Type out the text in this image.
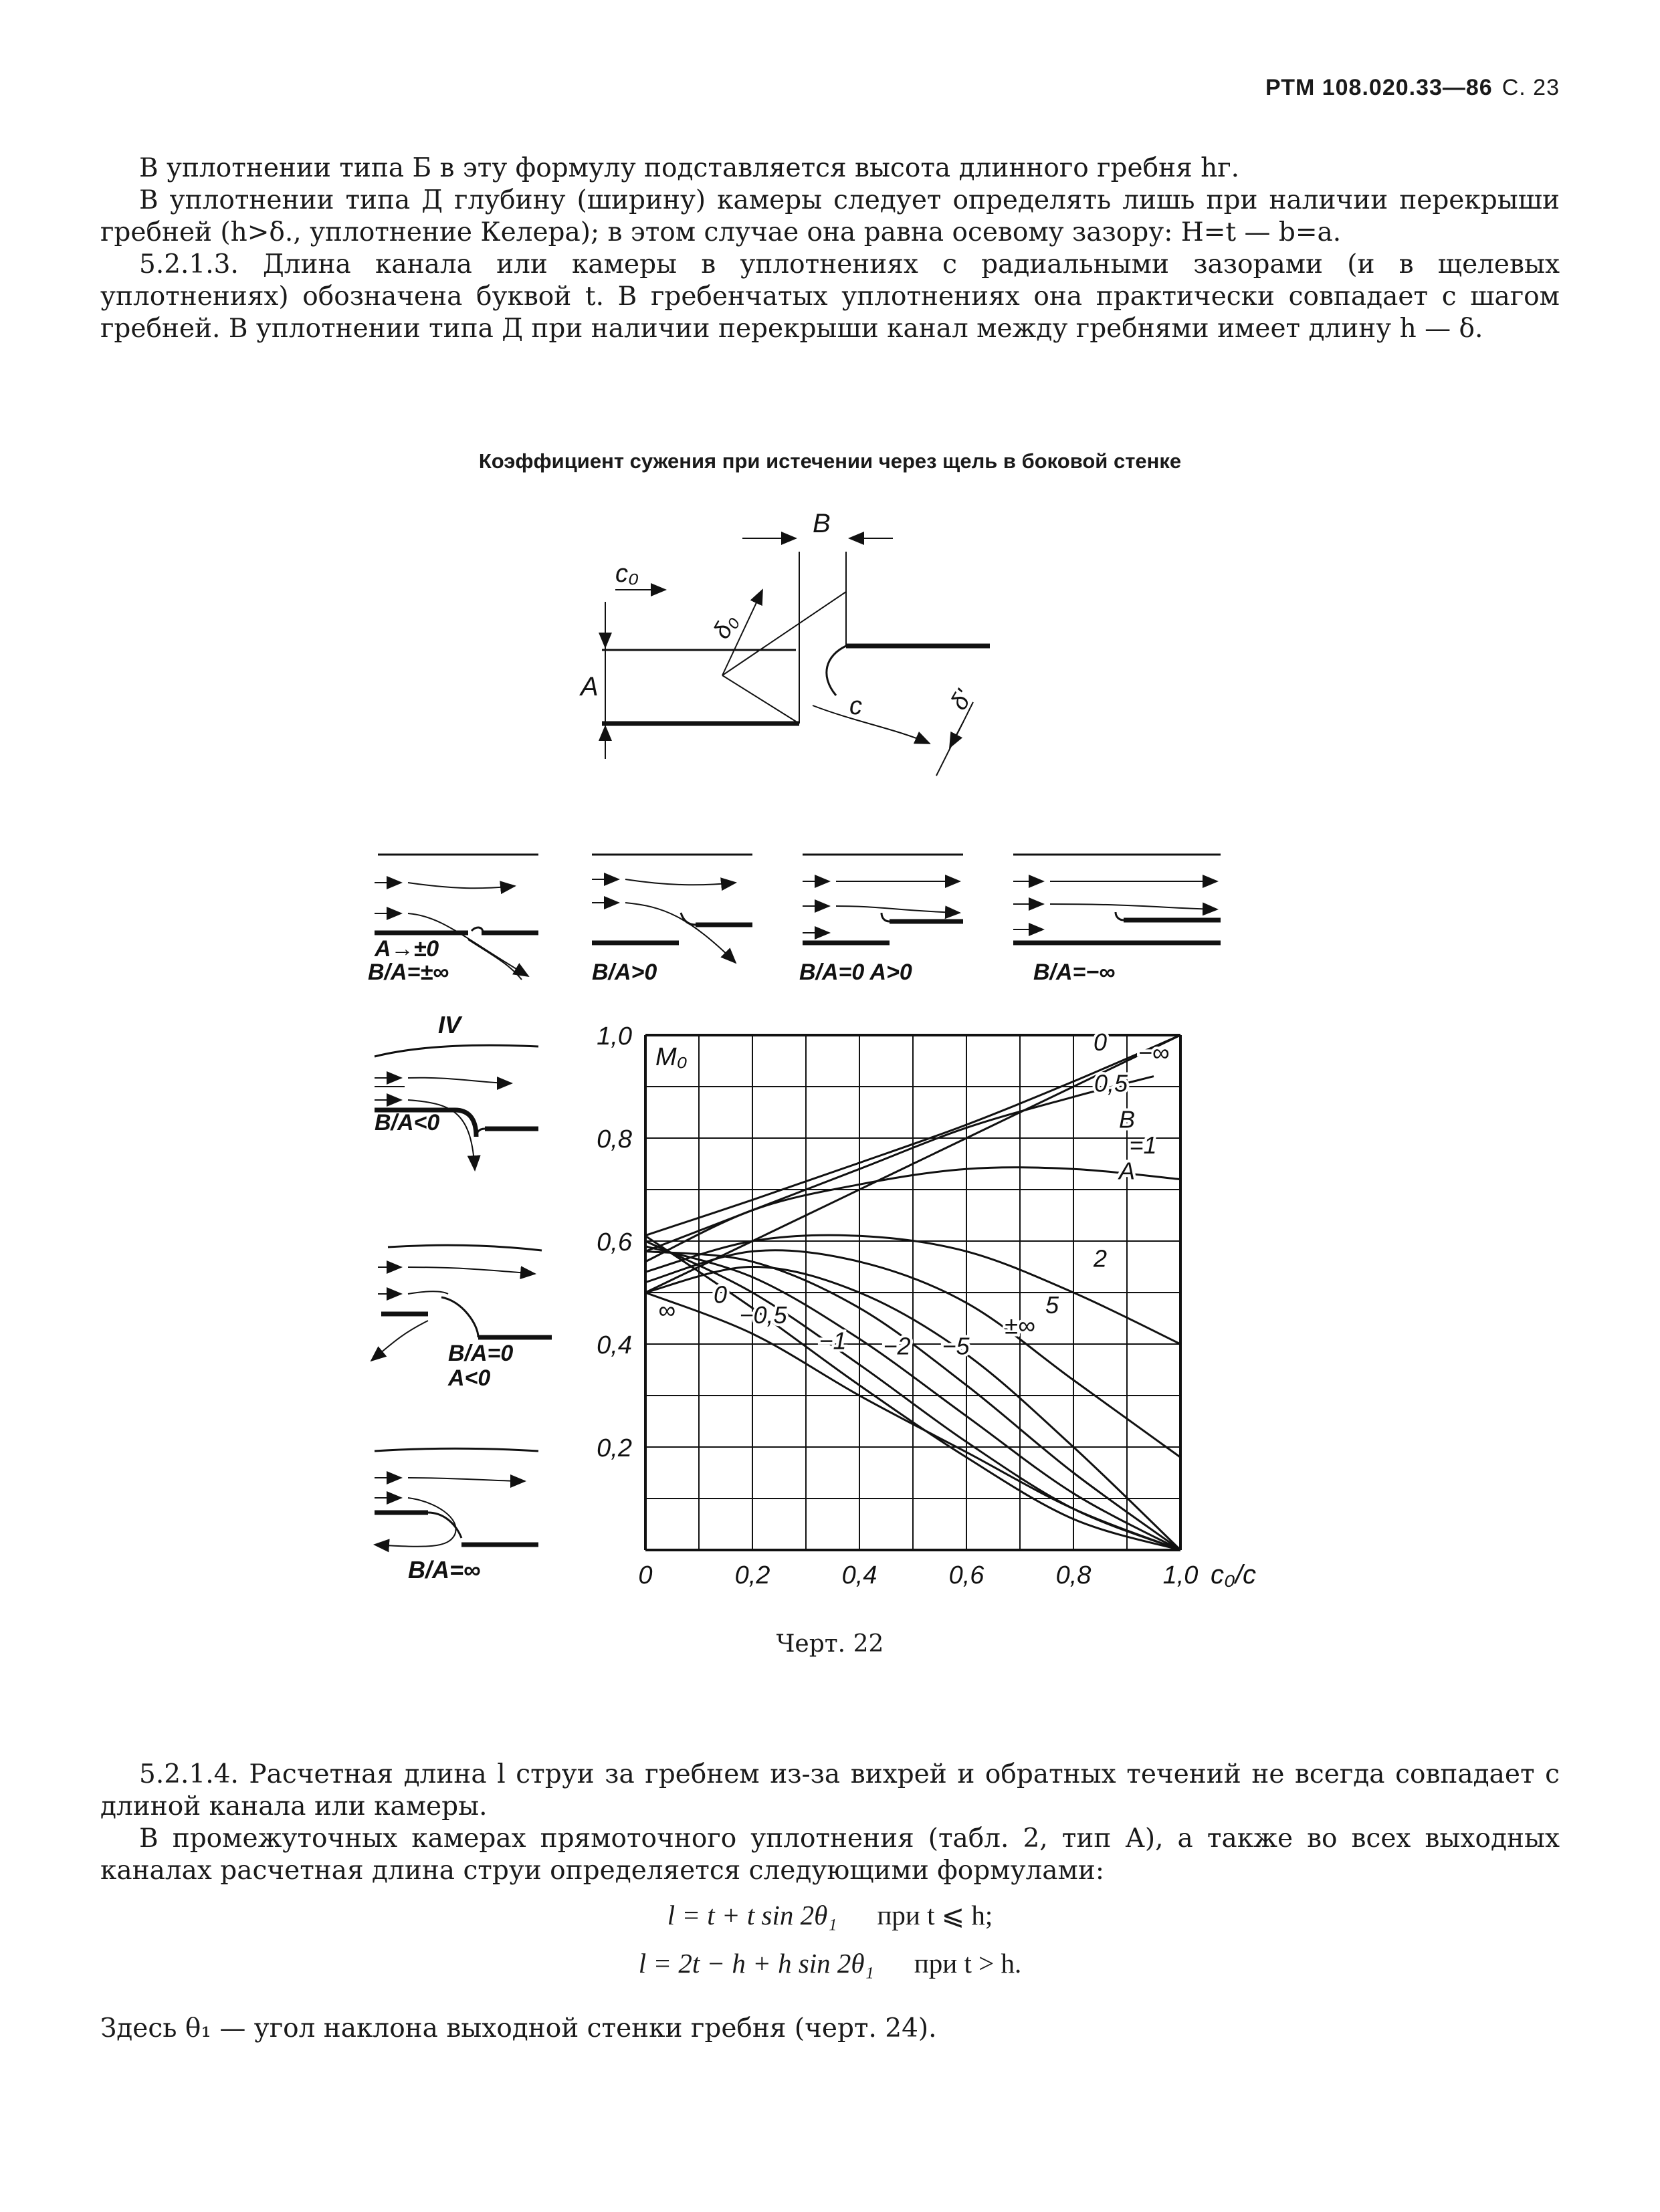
РТМ 108.020.33—86 С. 23

В уплотнении типа Б в эту формулу подставляется высота длинного гребня hг.

В уплотнении типа Д глубину (ширину) камеры следует определять лишь при наличии перекрыши гребней (h>δ., уплотнение Келера); в этом случае она равна осевому зазору: H=t — b=a.

5.2.1.3. Длина канала или камеры в уплотнениях с радиальными зазорами (и в щелевых уплотнениях) обозначена буквой t. В гребенчатых уплотнениях она практически совпадает с шагом гребней. В уплотнении типа Д при наличии перекрыши канал между гребнями имеет длину h — δ.

Коэффициент сужения при истечении через щель в боковой стенке
B
A
c₀
δ₀
c	δ'
A→±0
B/A=±∞	B/A>0	B/A=0 A>0	B/A=−∞
IV
B/A<0
B/A=0
A<0
B/A=∞	0	0,2	0,4	0,6	0,8	1,0
0,2
0,4
0,6
0,8
1,0
c₀/c
M₀
0 −∞
0,5
B
=1
A
2
5
±∞
−5
−2
−1
−0,5
0
∞
Черт. 22

5.2.1.4. Расчетная длина l струи за гребнем из-за вихрей и обратных течений не всегда совпадает с длиной канала или камеры.

В промежуточных камерах прямоточного уплотнения (табл. 2, тип А), а также во всех выходных каналах расчетная длина струи определяется следующими формулами:

l = t + t sin 2θ₁ при t ⩽ h;
l = 2t − h + h sin 2θ₁ при t > h.

Здесь θ₁ — угол наклона выходной стенки гребня (черт. 24).
